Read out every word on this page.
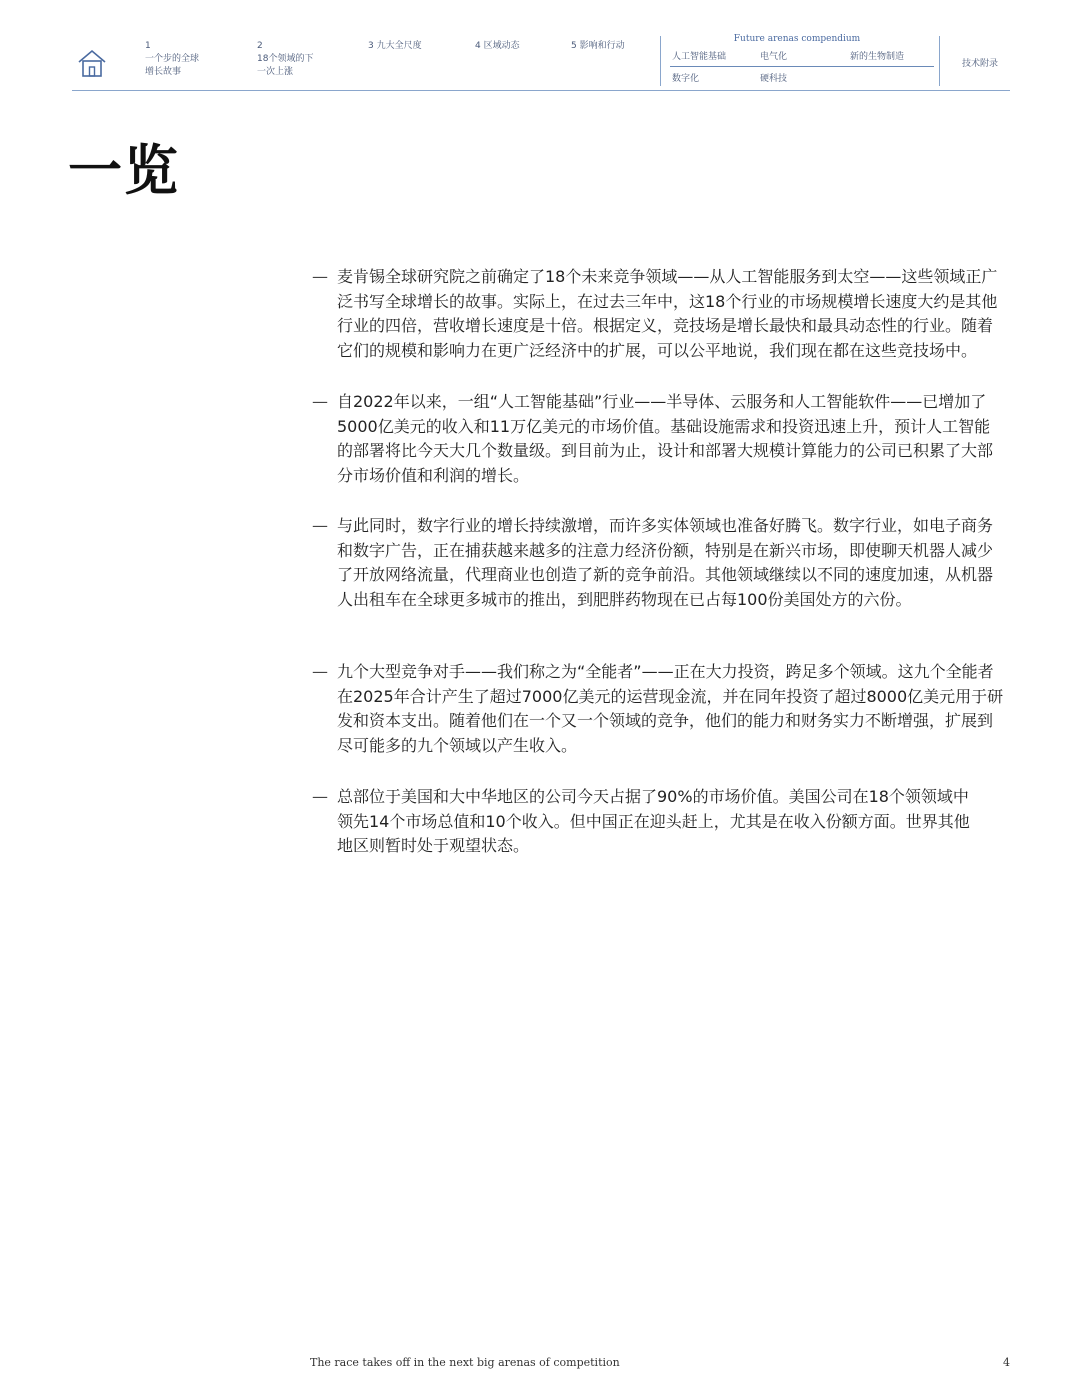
1
一个步的全球增长故事
2
18个领域的下一次上涨
3 九大全尺度	4 区域动态	5 影响和行动
Future arenas compendium
人工智能基础	电气化	新的生物制造
数字化	硬科技
技术附录
一览
— 麦肯锡全球研究院之前确定了18个未来竞争领域——从人工智能服务到太空——这些领域正广泛书写全球增长的故事。实际上，在过去三年中，这18个行业的市场规模增长速度大约是其他行业的四倍，营收增长速度是十倍。根据定义，竞技场是增长最快和最具动态性的行业。随着它们的规模和影响力在更广泛经济中的扩展，可以公平地说，我们现在都在这些竞技场中。
— 自2022年以来，一组“人工智能基础”行业——半导体、云服务和人工智能软件——已增加了5000亿美元的收入和11万亿美元的市场价值。基础设施需求和投资迅速上升，预计人工智能的部署将比今天大几个数量级。到目前为止，设计和部署大规模计算能力的公司已积累了大部分市场价值和利润的增长。
— 与此同时，数字行业的增长持续激增，而许多实体领域也准备好腾飞。数字行业，如电子商务和数字广告，正在捕获越来越多的注意力经济份额，特别是在新兴市场，即使聊天机器人减少了开放网络流量，代理商业也创造了新的竞争前沿。其他领域继续以不同的速度加速，从机器人出租车在全球更多城市的推出，到肥胖药物现在已占每100份美国处方的六份。
— 九个大型竞争对手——我们称之为“全能者”——正在大力投资，跨足多个领域。这九个全能者在2025年合计产生了超过7000亿美元的运营现金流，并在同年投资了超过8000亿美元用于研发和资本支出。随着他们在一个又一个领域的竞争，他们的能力和财务实力不断增强，扩展到尽可能多的九个领域以产生收入。
— 总部位于美国和大中华地区的公司今天占据了90%的市场价值。美国公司在18个领领域中领先14个市场总值和10个收入。但中国正在迎头赶上，尤其是在收入份额方面。世界其他地区则暂时处于观望状态。
The race takes off in the next big arenas of competition	4
